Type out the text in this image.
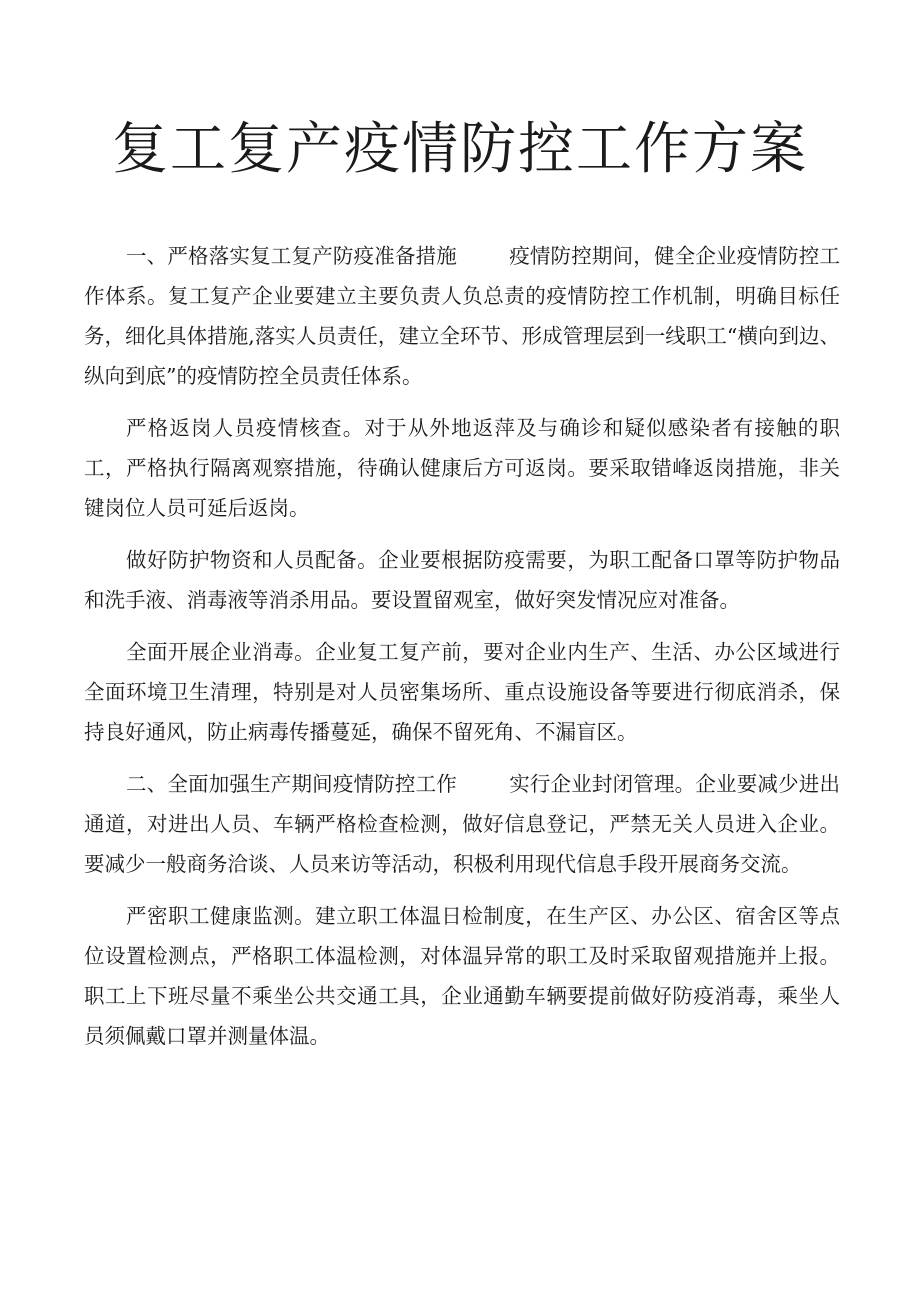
复工复产疫情防控工作方案

一、严格落实复工复产防疫准备措施	疫情防控期间，健全企业疫情防控工作体系。复工复产企业要建立主要负责人负总责的疫情防控工作机制，明确目标任务，细化具体措施,落实人员责任，建立全环节、形成管理层到一线职工“横向到边、纵向到底”的疫情防控全员责任体系。

严格返岗人员疫情核查。对于从外地返萍及与确诊和疑似感染者有接触的职工，严格执行隔离观察措施，待确认健康后方可返岗。要采取错峰返岗措施，非关键岗位人员可延后返岗。

做好防护物资和人员配备。企业要根据防疫需要，为职工配备口罩等防护物品和洗手液、消毒液等消杀用品。要设置留观室，做好突发情况应对准备。

全面开展企业消毒。企业复工复产前，要对企业内生产、生活、办公区域进行全面环境卫生清理，特别是对人员密集场所、重点设施设备等要进行彻底消杀，保持良好通风，防止病毒传播蔓延，确保不留死角、不漏盲区。

二、全面加强生产期间疫情防控工作	实行企业封闭管理。企业要减少进出通道，对进出人员、车辆严格检查检测，做好信息登记，严禁无关人员进入企业。要减少一般商务洽谈、人员来访等活动，积极利用现代信息手段开展商务交流。

严密职工健康监测。建立职工体温日检制度，在生产区、办公区、宿舍区等点位设置检测点，严格职工体温检测，对体温异常的职工及时采取留观措施并上报。职工上下班尽量不乘坐公共交通工具，企业通勤车辆要提前做好防疫消毒，乘坐人员须佩戴口罩并测量体温。
